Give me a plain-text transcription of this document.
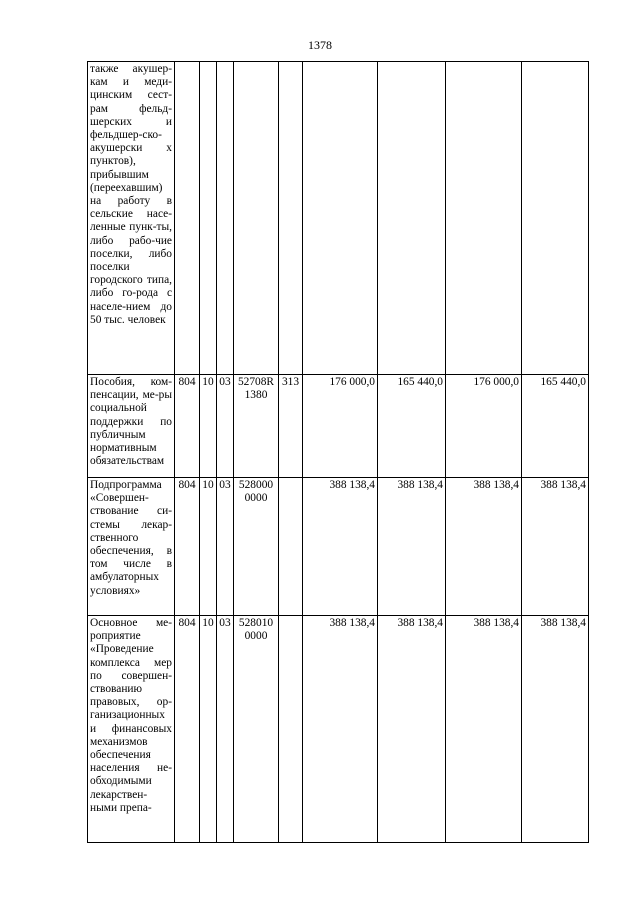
1378
также акушер-кам и меди-цинским сест-рам фельд-шерских и фельдшер-ско-акушерски х пунктов), прибывшим (переехавшим) на работу в сельские насе-ленные пунк-ты, либо рабо-чие поселки, либо поселки городского типа, либо го-рода с населе-нием до 50 тыс. человек									
Пособия, ком-пенсации, ме-ры социальной поддержки по публичным нормативным обязательствам	804	10	03	52708R 1380	313	176 000,0	165 440,0	176 000,0	165 440,0
Подпрограмма «Совершен-ствование си-стемы лекар-ственного обеспечения, в том числе в амбулаторных условиях»	804	10	03	528000 0000		388 138,4	388 138,4	388 138,4	388 138,4
Основное ме-роприятие «Проведение комплекса мер по совершен-ствованию правовых, ор-ганизационных и финансовых механизмов обеспечения населения не-обходимыми лекарствен-ными препа-	804	10	03	528010 0000		388 138,4	388 138,4	388 138,4	388 138,4
